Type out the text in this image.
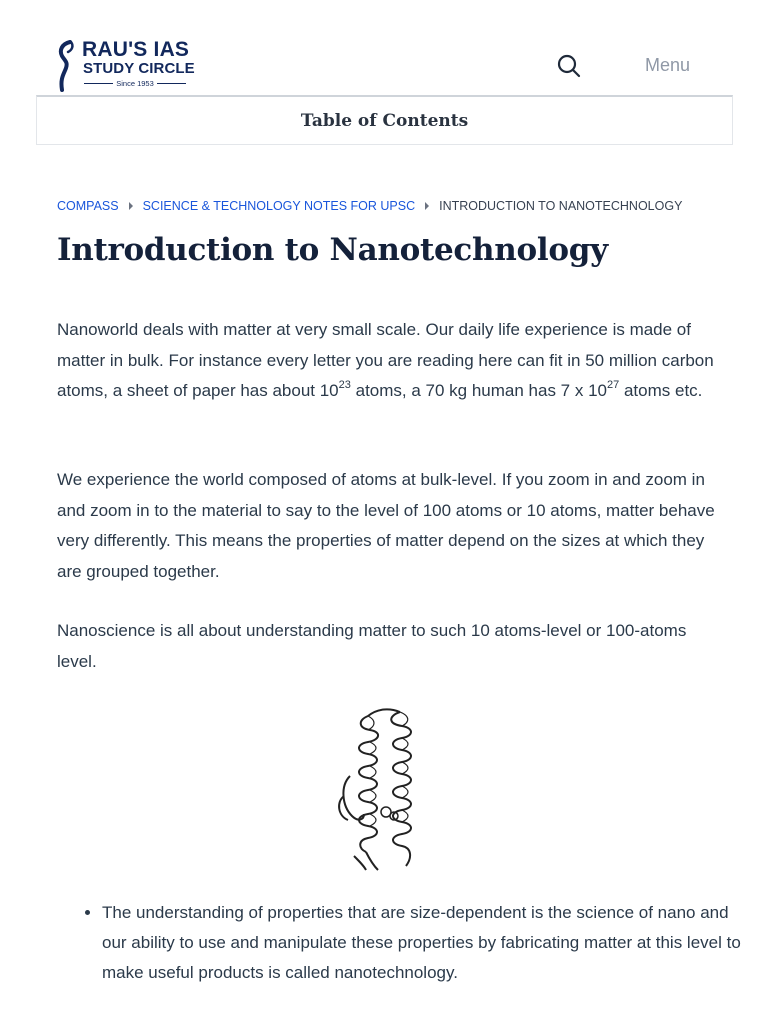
RAU'S IAS
STUDY CIRCLE
Since 1953
Menu
Table of Contents
COMPASS SCIENCE & TECHNOLOGY NOTES FOR UPSC INTRODUCTION TO NANOTECHNOLOGY
Introduction to Nanotechnology

Nanoworld deals with matter at very small scale. Our daily life experience is made of matter in bulk. For instance every letter you are reading here can fit in 50 million carbon atoms, a sheet of paper has about $10^{23}$ atoms, a 70 kg human has 7 x $10^{27}$ atoms etc.

We experience the world composed of atoms at bulk-level. If you zoom in and zoom in and zoom in to the material to say to the level of 100 atoms or 10 atoms, matter behave very differently. This means the properties of matter depend on the sizes at which they are grouped together.

Nanoscience is all about understanding matter to such 10 atoms-level or 100-atoms level.

• The understanding of properties that are size-dependent is the science of nano and our ability to use and manipulate these properties by fabricating matter at this level to make useful products is called nanotechnology.
